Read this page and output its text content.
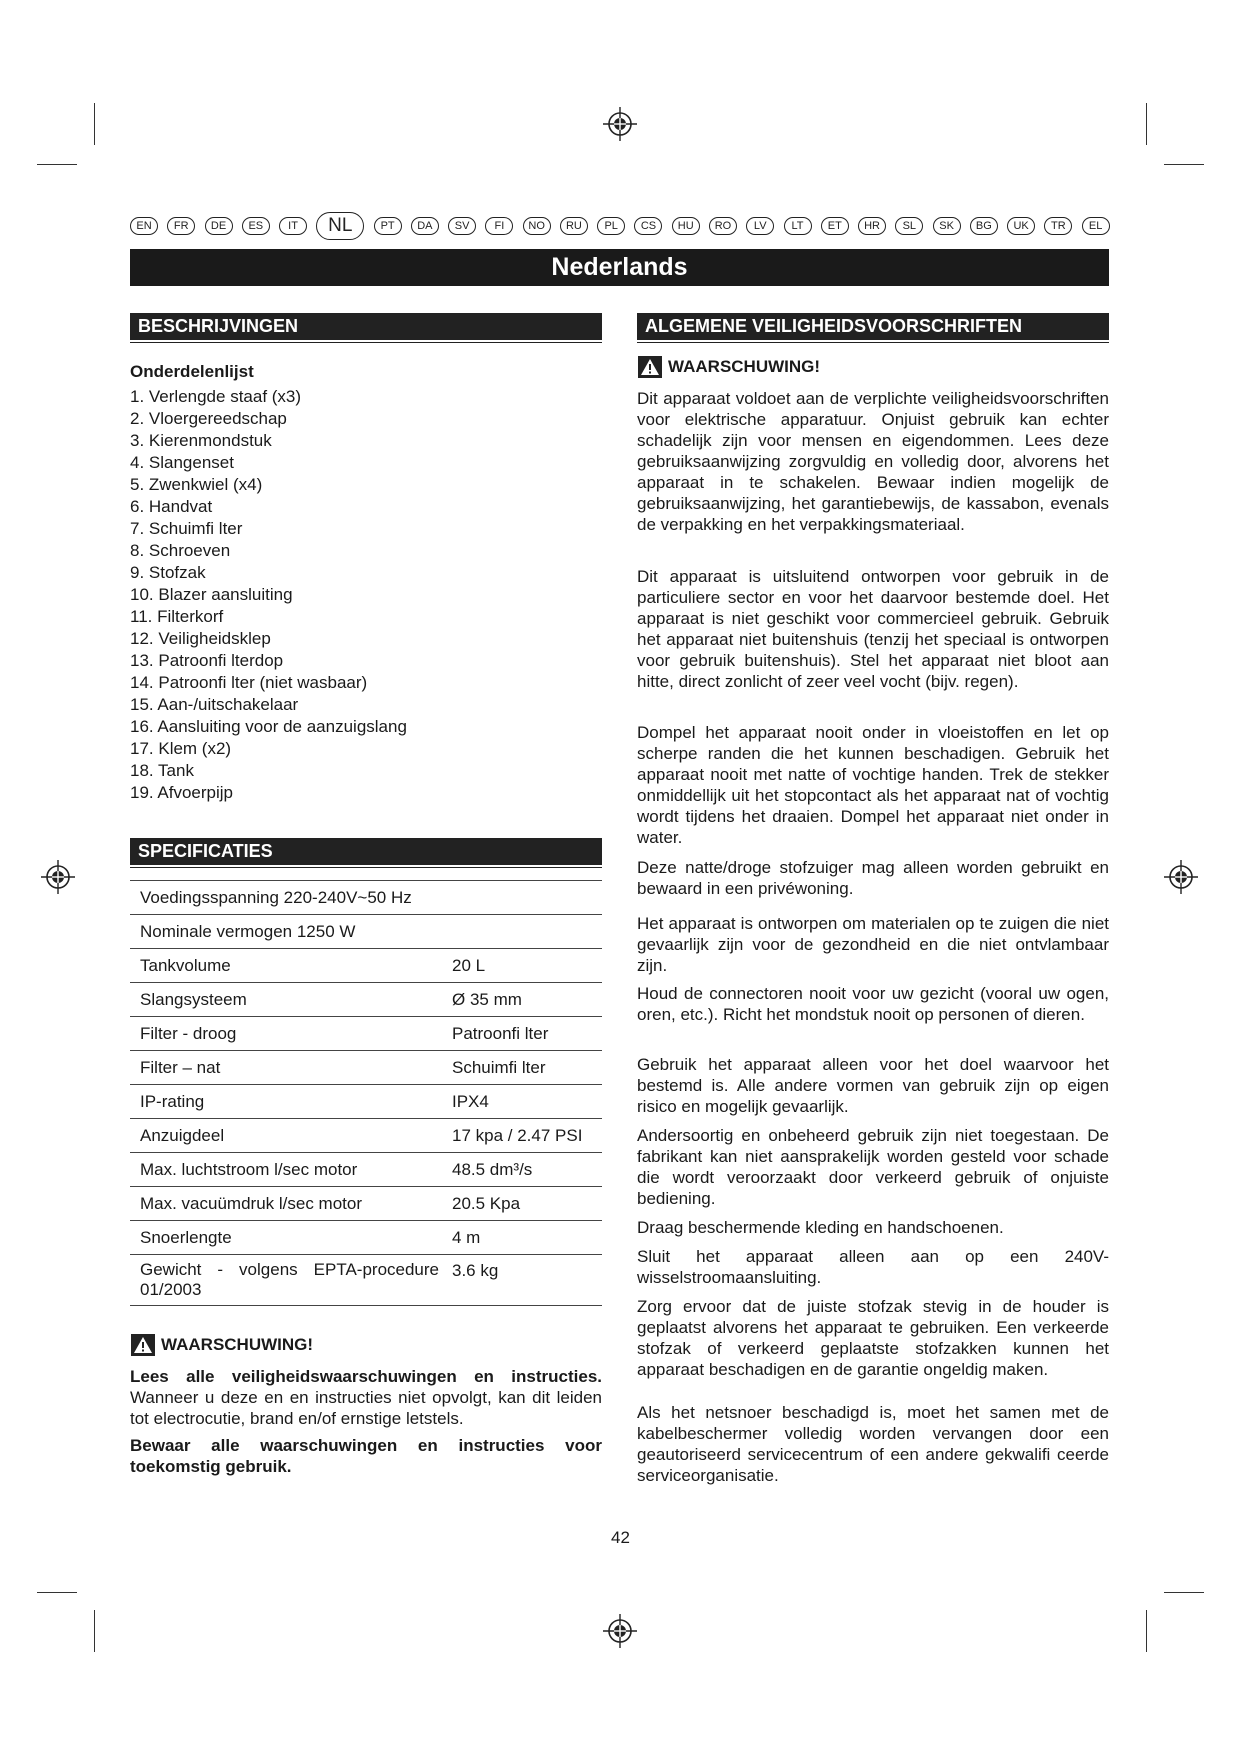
EN	FR	DE	ES	IT	NL	PT	DA	SV	FI	NO	RU	PL	CS	HU	RO	LV	LT	ET	HR	SL	SK	BG	UK	TR	EL
Nederlands
BESCHRIJVINGEN
Onderdelenlijst
1. Verlengde staaf (x3)
2. Vloergereedschap
3. Kierenmondstuk
4. Slangenset
5. Zwenkwiel (x4)
6. Handvat
7. Schuimfi lter
8. Schroeven
9. Stofzak
10. Blazer aansluiting
11. Filterkorf
12. Veiligheidsklep
13. Patroonfi lterdop
14. Patroonfi lter (niet wasbaar)
15. Aan-/uitschakelaar
16. Aansluiting voor de aanzuigslang
17. Klem (x2)
18. Tank
19. Afvoerpijp
SPECIFICATIES
Voedingsspanning 220-240V~50 Hz	
Nominale vermogen 1250 W	
Tankvolume	20 L
Slangsysteem	Ø 35 mm
Filter - droog	Patroonfi lter
Filter – nat	Schuimfi lter
IP-rating	IPX4
Anzuigdeel	17 kpa / 2.47 PSI
Max. luchtstroom l/sec motor	48.5 dm³/s
Max. vacuümdruk l/sec motor	20.5 Kpa
Snoerlengte	4 m
Gewicht - volgens EPTA-procedure 01/2003	3.6 kg
WAARSCHUWING!

Lees alle veiligheidswaarschuwingen en instructies. Wanneer u deze en en instructies niet opvolgt, kan dit leiden tot electrocutie, brand en/of ernstige letstels.

Bewaar alle waarschuwingen en instructies voor toekomstig gebruik.

ALGEMENE VEILIGHEIDSVOORSCHRIFTEN
WAARSCHUWING!

Dit apparaat voldoet aan de verplichte veiligheidsvoorschriften voor elektrische apparatuur. Onjuist gebruik kan echter schadelijk zijn voor mensen en eigendommen. Lees deze gebruiksaanwijzing zorgvuldig en volledig door, alvorens het apparaat in te schakelen. Bewaar indien mogelijk de gebruiksaanwijzing, het garantiebewijs, de kassabon, evenals de verpakking en het verpakkingsmateriaal.

Dit apparaat is uitsluitend ontworpen voor gebruik in de particuliere sector en voor het daarvoor bestemde doel. Het apparaat is niet geschikt voor commercieel gebruik. Gebruik het apparaat niet buitenshuis (tenzij het speciaal is ontworpen voor gebruik buitenshuis). Stel het apparaat niet bloot aan hitte, direct zonlicht of zeer veel vocht (bijv. regen).

Dompel het apparaat nooit onder in vloeistoffen en let op scherpe randen die het kunnen beschadigen. Gebruik het apparaat nooit met natte of vochtige handen. Trek de stekker onmiddellijk uit het stopcontact als het apparaat nat of vochtig wordt tijdens het draaien. Dompel het apparaat niet onder in water.

Deze natte/droge stofzuiger mag alleen worden gebruikt en bewaard in een privéwoning.

Het apparaat is ontworpen om materialen op te zuigen die niet gevaarlijk zijn voor de gezondheid en die niet ontvlambaar zijn.

Houd de connectoren nooit voor uw gezicht (vooral uw ogen, oren, etc.). Richt het mondstuk nooit op personen of dieren.

Gebruik het apparaat alleen voor het doel waarvoor het bestemd is. Alle andere vormen van gebruik zijn op eigen risico en mogelijk gevaarlijk.

Andersoortig en onbeheerd gebruik zijn niet toegestaan. De fabrikant kan niet aansprakelijk worden gesteld voor schade die wordt veroorzaakt door verkeerd gebruik of onjuiste bediening.

Draag beschermende kleding en handschoenen.

Sluit het apparaat alleen aan op een 240V-wisselstroomaansluiting.

Zorg ervoor dat de juiste stofzak stevig in de houder is geplaatst alvorens het apparaat te gebruiken. Een verkeerde stofzak of verkeerd geplaatste stofzakken kunnen het apparaat beschadigen en de garantie ongeldig maken.

Als het netsnoer beschadigd is, moet het samen met de kabelbeschermer volledig worden vervangen door een geautoriseerd servicecentrum of een andere gekwalifi ceerde serviceorganisatie.

42
